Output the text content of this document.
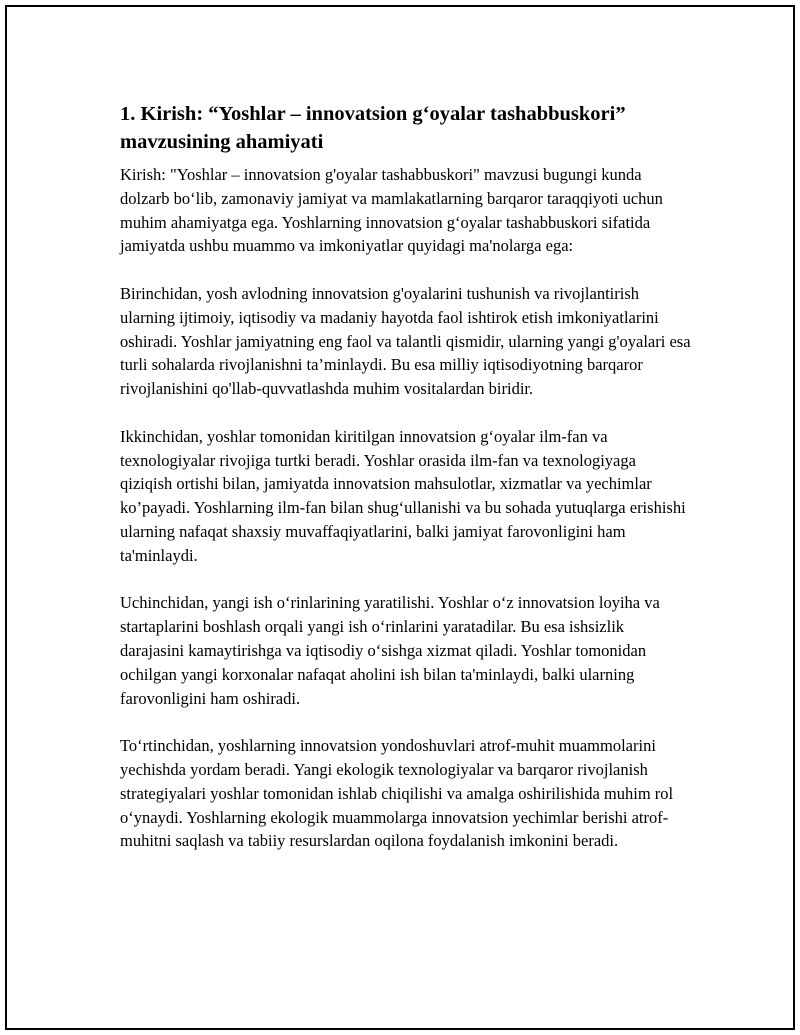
1. Kirish: “Yoshlar – innovatsion g‘oyalar tashabbuskori” mavzusining ahamiyati

Kirish: "Yoshlar – innovatsion g'oyalar tashabbuskori" mavzusi bugungi kunda dolzarb bo‘lib, zamonaviy jamiyat va mamlakatlarning barqaror taraqqiyoti uchun muhim ahamiyatga ega. Yoshlarning innovatsion g‘oyalar tashabbuskori sifatida jamiyatda ushbu muammo va imkoniyatlar quyidagi ma'nolarga ega:

Birinchidan, yosh avlodning innovatsion g'oyalarini tushunish va rivojlantirish ularning ijtimoiy, iqtisodiy va madaniy hayotda faol ishtirok etish imkoniyatlarini oshiradi. Yoshlar jamiyatning eng faol va talantli qismidir, ularning yangi g'oyalari esa turli sohalarda rivojlanishni ta’minlaydi. Bu esa milliy iqtisodiyotning barqaror rivojlanishini qo'llab-quvvatlashda muhim vositalardan biridir.

Ikkinchidan, yoshlar tomonidan kiritilgan innovatsion g‘oyalar ilm-fan va texnologiyalar rivojiga turtki beradi. Yoshlar orasida ilm-fan va texnologiyaga qiziqish ortishi bilan, jamiyatda innovatsion mahsulotlar, xizmatlar va yechimlar ko’payadi. Yoshlarning ilm-fan bilan shug‘ullanishi va bu sohada yutuqlarga erishishi ularning nafaqat shaxsiy muvaffaqiyatlarini, balki jamiyat farovonligini ham ta'minlaydi.

Uchinchidan, yangi ish o‘rinlarining yaratilishi. Yoshlar o‘z innovatsion loyiha va startaplarini boshlash orqali yangi ish o‘rinlarini yaratadilar. Bu esa ishsizlik darajasini kamaytirishga va iqtisodiy o‘sishga xizmat qiladi. Yoshlar tomonidan ochilgan yangi korxonalar nafaqat aholini ish bilan ta'minlaydi, balki ularning farovonligini ham oshiradi.

To‘rtinchidan, yoshlarning innovatsion yondoshuvlari atrof-muhit muammolarini yechishda yordam beradi. Yangi ekologik texnologiyalar va barqaror rivojlanish strategiyalari yoshlar tomonidan ishlab chiqilishi va amalga oshirilishida muhim rol o‘ynaydi. Yoshlarning ekologik muammolarga innovatsion yechimlar berishi atrof-muhitni saqlash va tabiiy resurslardan oqilona foydalanish imkonini beradi.
